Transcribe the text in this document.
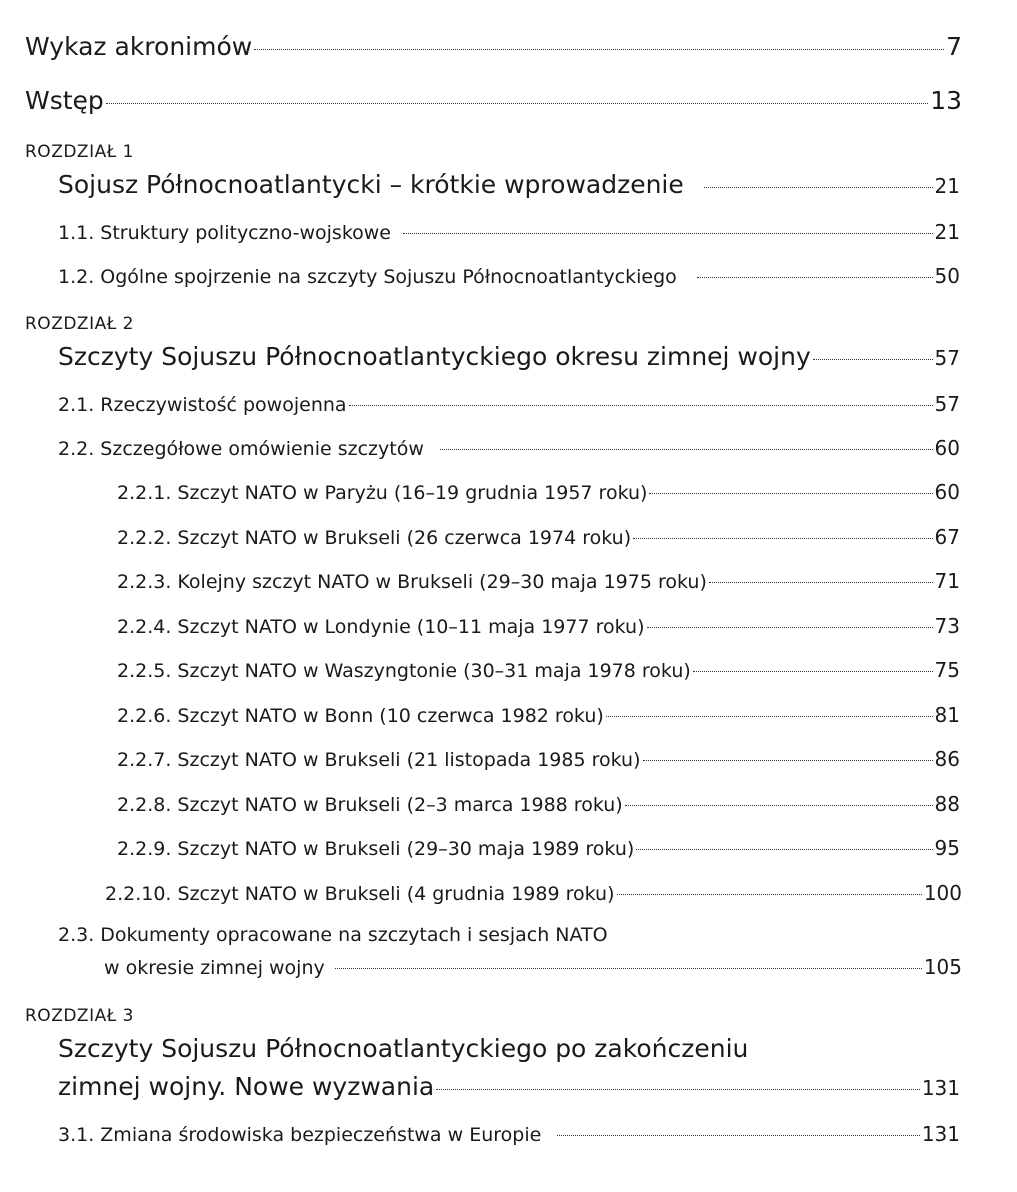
Wykaz akronimów	7
Wstęp	13
ROZDZIAŁ 1
Sojusz Północnoatlantycki – krótkie wprowadzenie	21
1.1. Struktury polityczno-wojskowe	21
1.2. Ogólne spojrzenie na szczyty Sojuszu Północnoatlantyckiego	50
ROZDZIAŁ 2
Szczyty Sojuszu Północnoatlantyckiego okresu zimnej wojny	57
2.1. Rzeczywistość powojenna	57
2.2. Szczegółowe omówienie szczytów	60
2.2.1. Szczyt NATO w Paryżu (16–19 grudnia 1957 roku)	60
2.2.2. Szczyt NATO w Brukseli (26 czerwca 1974 roku)	67
2.2.3. Kolejny szczyt NATO w Brukseli (29–30 maja 1975 roku)	71
2.2.4. Szczyt NATO w Londynie (10–11 maja 1977 roku)	73
2.2.5. Szczyt NATO w Waszyngtonie (30–31 maja 1978 roku)	75
2.2.6. Szczyt NATO w Bonn (10 czerwca 1982 roku)	81
2.2.7. Szczyt NATO w Brukseli (21 listopada 1985 roku)	86
2.2.8. Szczyt NATO w Brukseli (2–3 marca 1988 roku)	88
2.2.9. Szczyt NATO w Brukseli (29–30 maja 1989 roku)	95
2.2.10. Szczyt NATO w Brukseli (4 grudnia 1989 roku)	100
2.3. Dokumenty opracowane na szczytach i sesjach NATO
w okresie zimnej wojny	105
ROZDZIAŁ 3
Szczyty Sojuszu Północnoatlantyckiego po zakończeniu
zimnej wojny. Nowe wyzwania	131
3.1. Zmiana środowiska bezpieczeństwa w Europie	131
